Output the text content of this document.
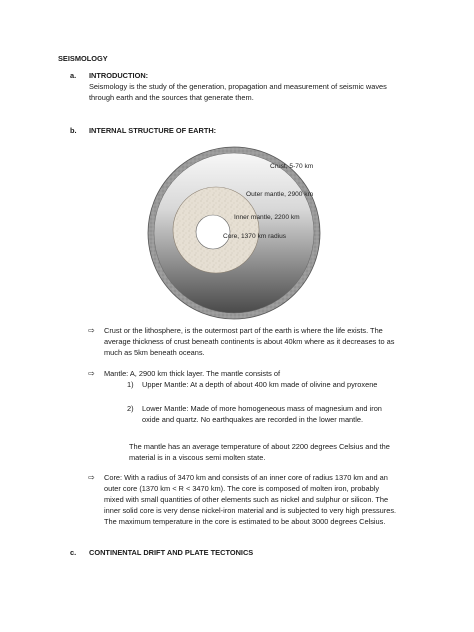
SEISMOLOGY
a. INTRODUCTION:
Seismology is the study of the generation, propagation and measurement of seismic waves
through earth and the sources that generate them.
b. INTERNAL STRUCTURE OF EARTH:
Crust, 5-70 km
Outer mantle, 2900 km
Inner mantle, 2200 km
Core, 1370 km radius
⇨ Crust or the lithosphere, is the outermost part of the earth is where the life exists. The
average thickness of crust beneath continents is about 40km where as it decreases to as
much as 5km beneath oceans.
⇨ Mantle: A, 2900 km thick layer. The mantle consists of
1) Upper Mantle: At a depth of about 400 km made of olivine and pyroxene
2) Lower Mantle: Made of more homogeneous mass of magnesium and iron
oxide and quartz. No earthquakes are recorded in the lower mantle.
The mantle has an average temperature of about 2200 degrees Celsius and the
material is in a viscous semi molten state.
⇨ Core: With a radius of 3470 km and consists of an inner core of radius 1370 km and an
outer core (1370 km < R < 3470 km). The core is composed of molten iron, probably
mixed with small quantities of other elements such as nickel and sulphur or silicon. The
inner solid core is very dense nickel-iron material and is subjected to very high pressures.
The maximum temperature in the core is estimated to be about 3000 degrees Celsius.
c. CONTINENTAL DRIFT AND PLATE TECTONICS
